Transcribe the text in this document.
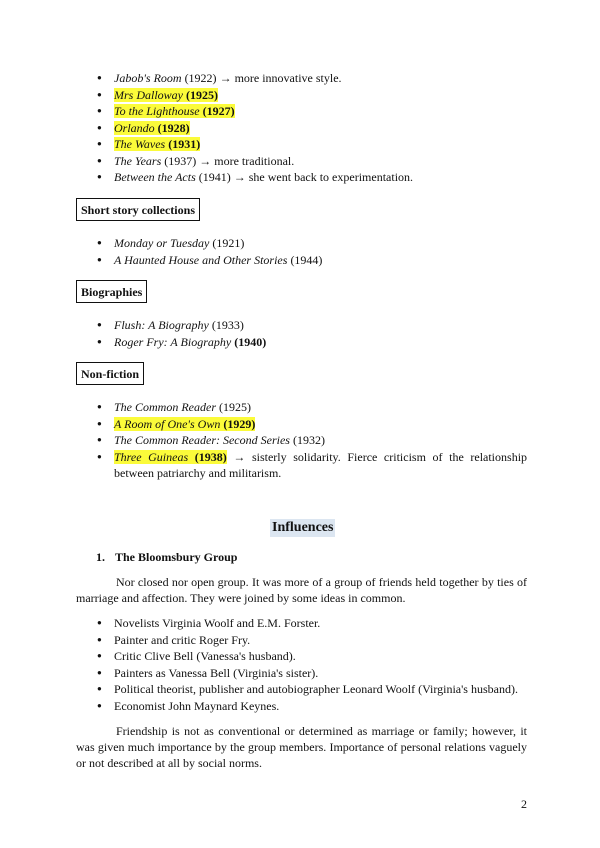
● Jabob's Room (1922) → more innovative style.
● Mrs Dalloway (1925)
● To the Lighthouse (1927)
● Orlando (1928)
● The Waves (1931)
● The Years (1937) → more traditional.
● Between the Acts (1941) → she went back to experimentation.
Short story collections
● Monday or Tuesday (1921)
● A Haunted House and Other Stories (1944)
Biographies
● Flush: A Biography (1933)
● Roger Fry: A Biography (1940)
Non-fiction
● The Common Reader (1925)
● A Room of One's Own (1929)
● The Common Reader: Second Series (1932)
● Three Guineas (1938) → sisterly solidarity. Fierce criticism of the relationship between patriarchy and militarism.
Influences
1. The Bloomsbury Group

Nor closed nor open group. It was more of a group of friends held together by ties of marriage and affection. They were joined by some ideas in common.

● Novelists Virginia Woolf and E.M. Forster.
● Painter and critic Roger Fry.
● Critic Clive Bell (Vanessa's husband).
● Painters as Vanessa Bell (Virginia's sister).
● Political theorist, publisher and autobiographer Leonard Woolf (Virginia's husband).
● Economist John Maynard Keynes.

Friendship is not as conventional or determined as marriage or family; however, it was given much importance by the group members. Importance of personal relations vaguely or not described at all by social norms.

2
